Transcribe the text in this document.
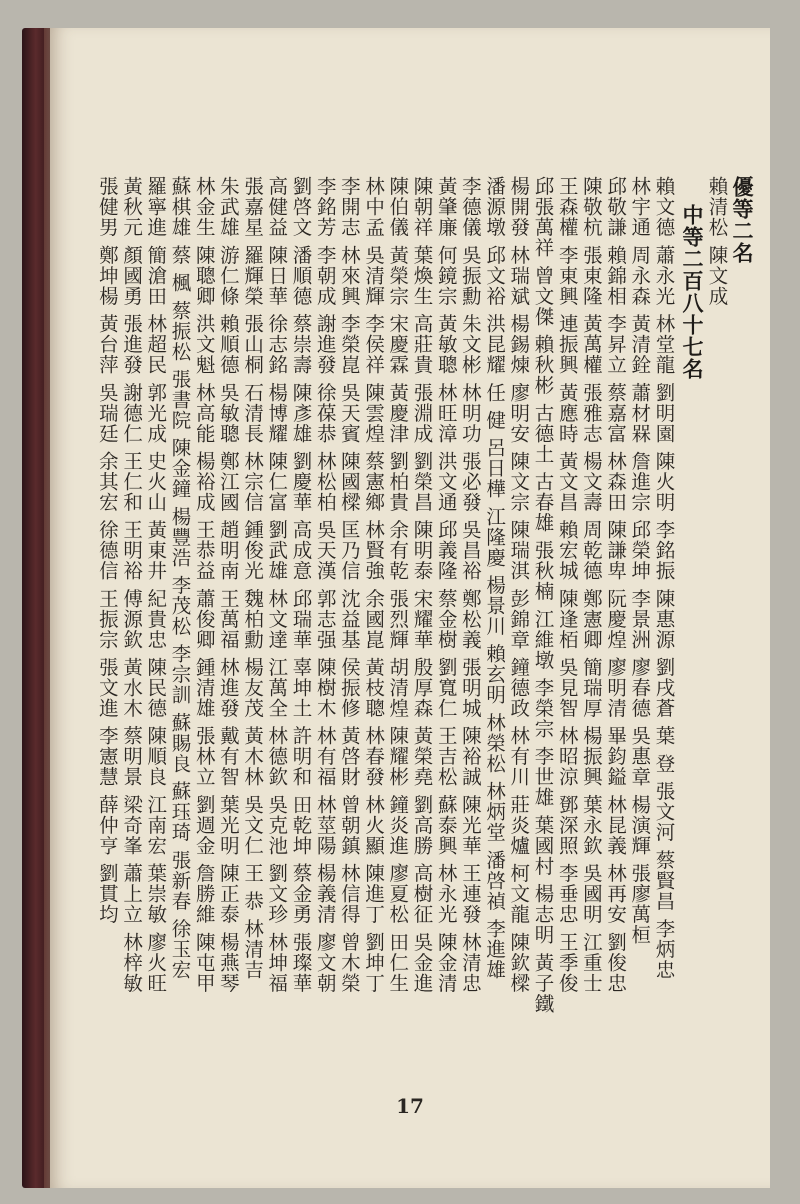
優等二名
賴清松 陳文成
中等二百八十七名
賴文德 蕭永光 林堂龍 劉明園 陳火明 李銘振 陳惠源 劉戌蒼 葉 登 張文河 蔡賢昌 李炳忠
林宇通 周永森 黃清銓 蕭材槑 詹進宗 邱榮坤 李景洲 廖春德 吳惠章 楊演輝 張廖萬桓
邱敬謙 賴錦相 李昇立 蔡嘉富 林森田 陳謙卑 阮慶煌 廖明清 畢鈞鎰 林昆義 林再安 劉俊忠
陳敬杭 張東隆 黃萬權 張雅志 楊文壽 周乾德 鄭憲卿 簡瑞厚 楊振興 葉永欽 吳國明 江重士
王森權 李東興 連振興 黃應時 黃文昌 賴宏城 陳逢栢 吳見智 林昭涼 鄧深照 李垂忠 王季俊
邱張萬祥 曾文傑 賴秋彬 古德土 古春雄 張秋楠 江維墩 李榮宗 李世雄 葉國村 楊志明 黃子鐵
楊開發 林瑞斌 楊錫煉 廖明安 陳文宗 陳瑞淇 彭錦章 鐘德政 林有川 莊炎爐 柯文龍 陳欽樑
潘源墩 邱文裕 洪昆耀 任 健 呂日樺 江隆慶 楊景川 賴玄明 林榮松 林炳堂 潘啓禎 李進雄
李德儀 吳振勳 朱文彬 林明功 張必發 吳昌裕 鄭松義 張明城 陳裕誠 陳光華 王連發 林清忠
黃肇廉 何鏡宗 黃敏聰 林旺漳 洪文通 邱義隆 蔡金樹 劉寬仁 王吉松 蘇泰興 林永光 陳金清
陳朝祥 葉煥生 高莊貴 張淵成 劉榮昌 陳明泰 宋耀華 殷厚森 黃榮堯 劉高勝 高樹征 吳金進
陳伯儀 黃榮宗 宋慶霖 黃慶津 劉柏貴 余有乾 張烈輝 胡清煌 陳耀彬 鐘炎進 廖夏松 田仁生
林中孟 吳清輝 李侯祥 陳雲煌 蔡憲鄉 林賢強 余國崑 黃枝聰 林春發 林火顯 陳進丁 劉坤丁
李開志 林來興 李榮崑 吳天賓 陳國樑 匡乃信 沈益基 侯振修 黃啓財 曾朝鎮 林信得 曾木榮
李銘芳 李朝成 謝進發 徐葆恭 林松柏 吳天漢 郭志强 陳樹木 林有福 林莖陽 楊義清 廖文朝
劉啓文 潘順德 蔡崇壽 陳彥雄 劉慶華 高成意 邱瑞華 辜坤土 許明和 田乾坤 蔡金勇 張璨華
高健益 陳日華 徐志銘 楊博耀 陳仁富 劉武雄 林文達 江萬全 林德欽 吳克池 劉文珍 林坤福
張嘉星 羅輝榮 張山桐 石清長 林宗信 鍾俊光 魏柏勳 楊友茂 黃木林 吳文仁 王 恭 林清吉
朱武雄 游仁條 賴順德 吳敏聰 鄭江國 趙明南 王萬福 林進發 戴有智 葉光明 陳正泰 楊燕琴
林金生 陳聰卿 洪文魁 林高能 楊裕成 王恭益 蕭俊卿 鍾清雄 張林立 劉週金 詹勝維 陳屯甲
蘇棋雄 蔡 楓 蔡振松 張書院 陳金鐘 楊豐浩 李茂松 李宗訓 蘇賜良 蘇珏琦 張新春 徐玉宏
羅寧進 簡滄田 林超民 郭光成 史火山 黃東井 紀貴忠 陳民德 陳順良 江南宏 葉崇敏 廖火旺
黃秋元 顏國勇 張進發 謝德仁 王仁和 王明裕 傅源欽 黃水木 蔡明景 梁奇峯 蕭上立 林梓敏
張健男 鄭坤楊 黃台萍 吳瑞廷 余其宏 徐德信 王振宗 張文進 李憲慧 薛仲亨 劉貫均
17
